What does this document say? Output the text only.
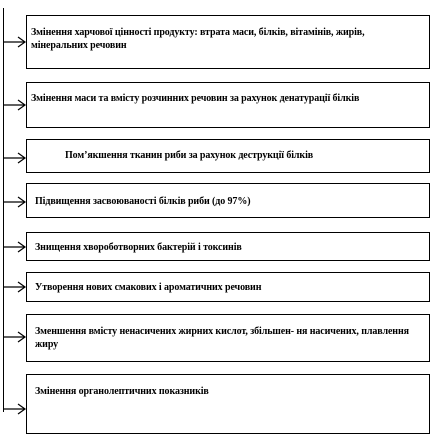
Змінення харчової цінності продукту: втрата маси, білків, вітамінів, жирів, мінеральних речовин
Змінення маси та вмісту розчинних речовин за рахунок денатурації білків
Пом’якшення тканин риби за рахунок деструкції білків
Підвищення засвоюваності білків риби (до 97%)
Знищення хвороботворних бактерій і токсинів
Утворення нових смакових і ароматичних речовин
Зменшення вмісту ненасичених жирних кислот, збільшен- ня насичених, плавлення жиру
Змінення органолептичних показників
